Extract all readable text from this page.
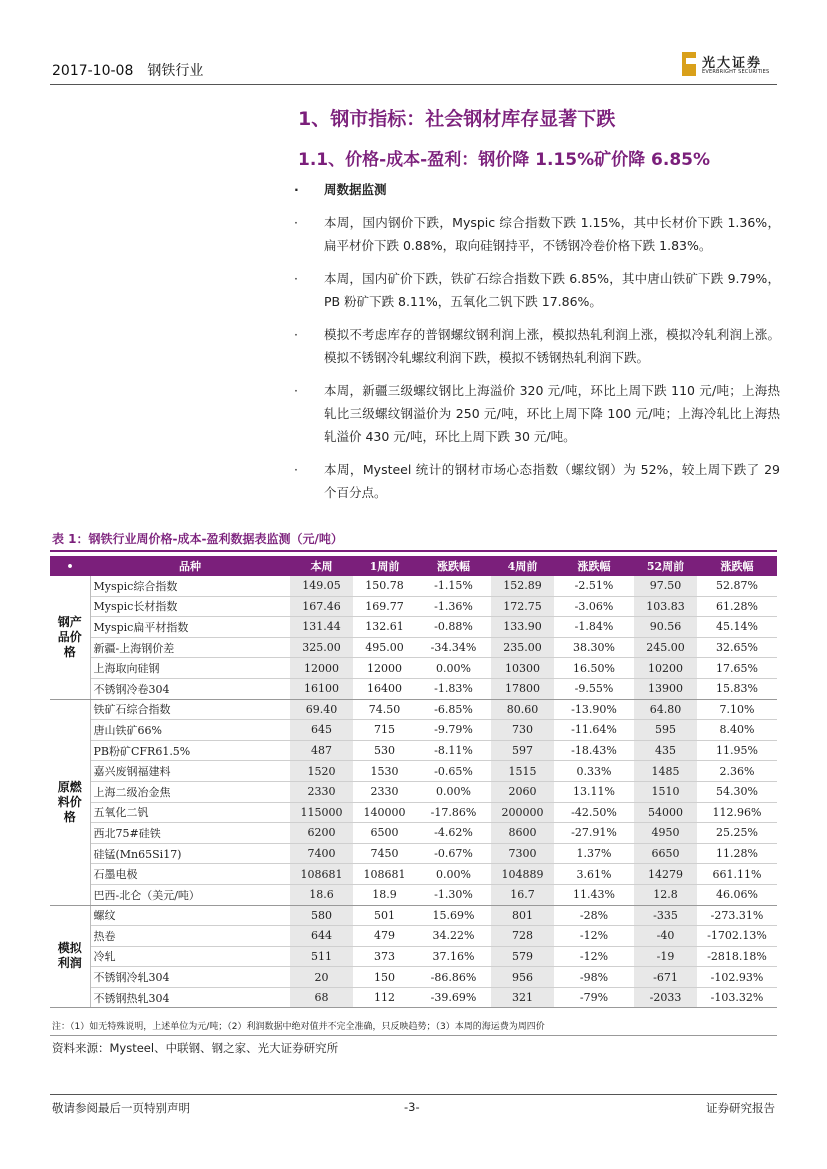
2017-10-08 钢铁行业	光大证券
EVERBRIGHT SECURITIES
1、钢市指标：社会钢材库存显著下跌
1.1、价格-成本-盈利：钢价降 1.15%矿价降 6.85%
· 周数据监测
· 本周，国内钢价下跌，Myspic 综合指数下跌 1.15%，其中长材价下跌 1.36%，扁平材价下跌 0.88%，取向硅钢持平，不锈钢冷卷价格下跌 1.83%。
· 本周，国内矿价下跌，铁矿石综合指数下跌 6.85%，其中唐山铁矿下跌 9.79%，PB 粉矿下跌 8.11%，五氧化二钒下跌 17.86%。
· 模拟不考虑库存的普钢螺纹钢利润上涨，模拟热轧利润上涨，模拟冷轧利润上涨。模拟不锈钢冷轧螺纹利润下跌，模拟不锈钢热轧利润下跌。
· 本周，新疆三级螺纹钢比上海溢价 320 元/吨，环比上周下跌 110 元/吨；上海热轧比三级螺纹钢溢价为 250 元/吨，环比上周下降 100 元/吨；上海冷轧比上海热轧溢价 430 元/吨，环比上周下跌 30 元/吨。
· 本周，Mysteel 统计的钢材市场心态指数（螺纹钢）为 52%，较上周下跌了 29 个百分点。
表 1：钢铁行业周价格-成本-盈利数据表监测（元/吨）
•	品种	本周	1周前	涨跌幅	4周前	涨跌幅	52周前	涨跌幅
钢产品价格	Myspic综合指数	149.05	150.78	-1.15%	152.89	-2.51%	97.50	52.87%
	Myspic长材指数	167.46	169.77	-1.36%	172.75	-3.06%	103.83	61.28%
	Myspic扁平材指数	131.44	132.61	-0.88%	133.90	-1.84%	90.56	45.14%
	新疆-上海钢价差	325.00	495.00	-34.34%	235.00	38.30%	245.00	32.65%
	上海取向硅钢	12000	12000	0.00%	10300	16.50%	10200	17.65%
	不锈钢冷卷304	16100	16400	-1.83%	17800	-9.55%	13900	15.83%
原燃料价格	铁矿石综合指数	69.40	74.50	-6.85%	80.60	-13.90%	64.80	7.10%
	唐山铁矿66%	645	715	-9.79%	730	-11.64%	595	8.40%
	PB粉矿CFR61.5%	487	530	-8.11%	597	-18.43%	435	11.95%
	嘉兴废钢福建料	1520	1530	-0.65%	1515	0.33%	1485	2.36%
	上海二级冶金焦	2330	2330	0.00%	2060	13.11%	1510	54.30%
	五氧化二钒	115000	140000	-17.86%	200000	-42.50%	54000	112.96%
	西北75#硅铁	6200	6500	-4.62%	8600	-27.91%	4950	25.25%
	硅锰(Mn65Si17)	7400	7450	-0.67%	7300	1.37%	6650	11.28%
	石墨电极	108681	108681	0.00%	104889	3.61%	14279	661.11%
	巴西-北仑（美元/吨）	18.6	18.9	-1.30%	16.7	11.43%	12.8	46.06%
模拟利润	螺纹	580	501	15.69%	801	-28%	-335	-273.31%
	热卷	644	479	34.22%	728	-12%	-40	-1702.13%
	冷轧	511	373	37.16%	579	-12%	-19	-2818.18%
	不锈钢冷轧304	20	150	-86.86%	956	-98%	-671	-102.93%
	不锈钢热轧304	68	112	-39.69%	321	-79%	-2033	-103.32%
注：（1）如无特殊说明，上述单位为元/吨；（2）利润数据中绝对值并不完全准确，只反映趋势；（3）本周的海运费为周四价
资料来源：Mysteel、中联钢、钢之家、光大证券研究所
敬请参阅最后一页特别声明	-3-	证券研究报告
